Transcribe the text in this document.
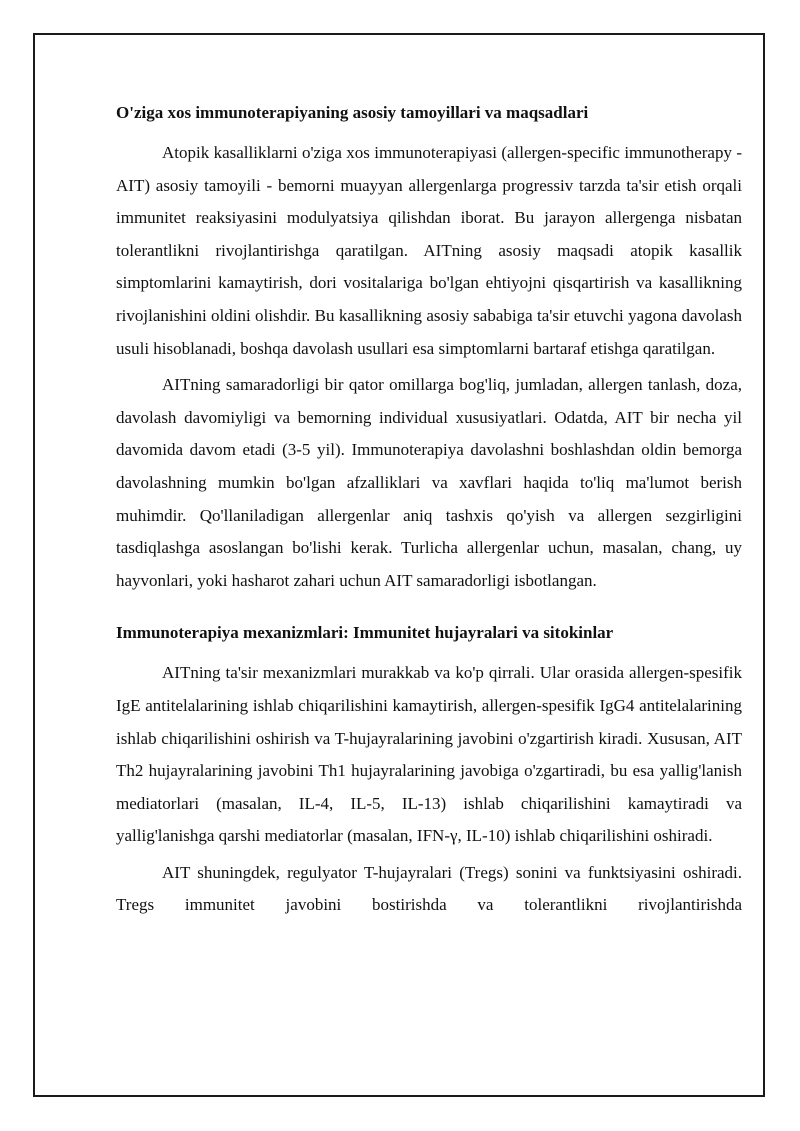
O'ziga xos immunoterapiyaning asosiy tamoyillari va maqsadlari

Atopik kasalliklarni o'ziga xos immunoterapiyasi (allergen-specific immunotherapy - AIT) asosiy tamoyili - bemorni muayyan allergenlarga progressiv tarzda ta'sir etish orqali immunitet reaksiyasini modulyatsiya qilishdan iborat. Bu jarayon allergenga nisbatan tolerantlikni rivojlantirishga qaratilgan. AITning asosiy maqsadi atopik kasallik simptomlarini kamaytirish, dori vositalariga bo'lgan ehtiyojni qisqartirish va kasallikning rivojlanishini oldini olishdir. Bu kasallikning asosiy sababiga ta'sir etuvchi yagona davolash usuli hisoblanadi, boshqa davolash usullari esa simptomlarni bartaraf etishga qaratilgan.

AITning samaradorligi bir qator omillarga bog'liq, jumladan, allergen tanlash, doza, davolash davomiyligi va bemorning individual xususiyatlari. Odatda, AIT bir necha yil davomida davom etadi (3-5 yil). Immunoterapiya davolashni boshlashdan oldin bemorga davolashning mumkin bo'lgan afzalliklari va xavflari haqida to'liq ma'lumot berish muhimdir. Qo'llaniladigan allergenlar aniq tashxis qo'yish va allergen sezgirligini tasdiqlashga asoslangan bo'lishi kerak. Turlicha allergenlar uchun, masalan, chang, uy hayvonlari, yoki hasharot zahari uchun AIT samaradorligi isbotlangan.

Immunoterapiya mexanizmlari: Immunitet hujayralari va sitokinlar

AITning ta'sir mexanizmlari murakkab va ko'p qirrali. Ular orasida allergen-spesifik IgE antitelalarining ishlab chiqarilishini kamaytirish, allergen-spesifik IgG4 antitelalarining ishlab chiqarilishini oshirish va T-hujayralarining javobini o'zgartirish kiradi. Xususan, AIT Th2 hujayralarining javobini Th1 hujayralarining javobiga o'zgartiradi, bu esa yallig'lanish mediatorlari (masalan, IL-4, IL-5, IL-13) ishlab chiqarilishini kamaytiradi va yallig'lanishga qarshi mediatorlar (masalan, IFN-γ, IL-10) ishlab chiqarilishini oshiradi.

AIT shuningdek, regulyator T-hujayralari (Tregs) sonini va funktsiyasini oshiradi. Tregs immunitet javobini bostirishda va tolerantlikni rivojlantirishda
